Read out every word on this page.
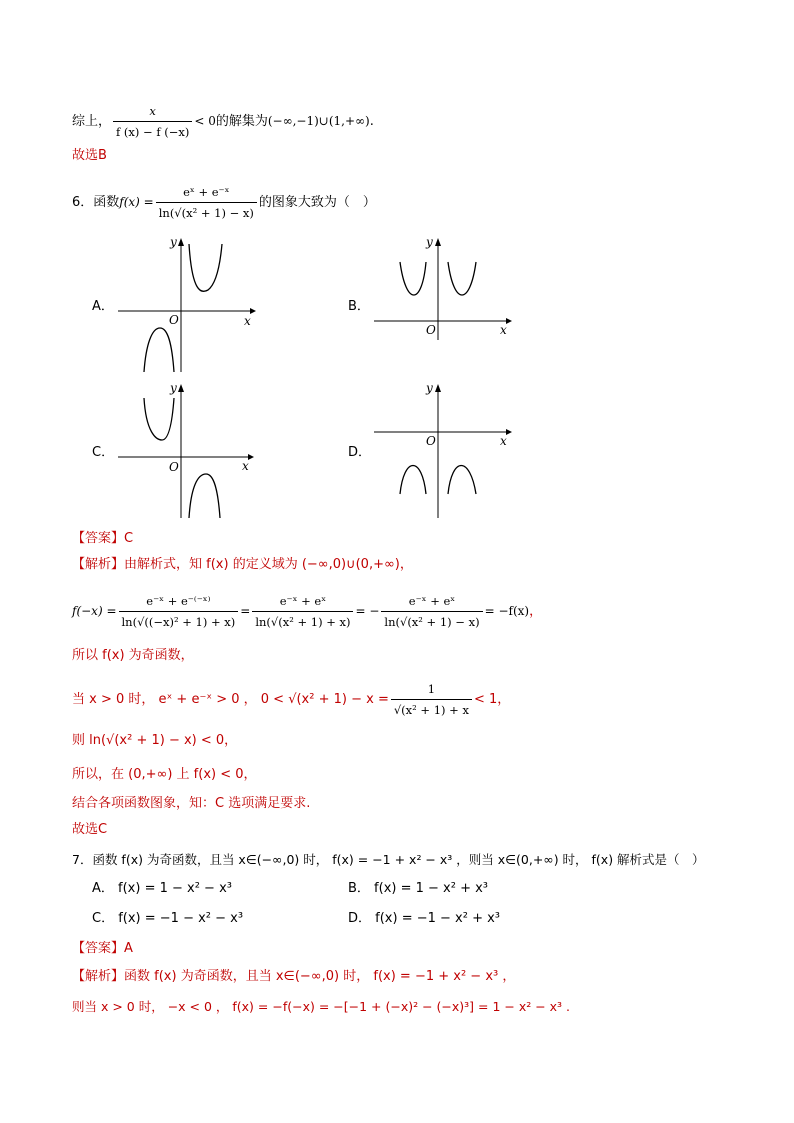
综上， $\frac{x}{f (x) - f (-x)} < 0$的解集为(−∞,−1)∪(1,+∞).
故选B
6．函数$f(x) = \frac{\text{eˣ + e⁻ˣ}}{\text{ln(√(x² + 1) − x)}}$ 的图象大致为（　）
A．	B．
C．	D．
y
x
O
y
x
O
y
x
O
y
x
O
【答案】C
【解析】由解析式，知 f(x) 的定义域为 (−∞,0)∪(0,+∞)，
$f(-x) = \frac{\text{e⁻ˣ + e⁻⁽⁻ˣ⁾}}{\text{ln(√((−x)² + 1) + x)}} = \frac{\text{e⁻ˣ + eˣ}}{\text{ln(√(x² + 1) + x)}}$ = − $\frac{\text{e⁻ˣ + eˣ}}{\text{ln(√(x² + 1) − x)}} = -f(x)$，
所以 f(x) 为奇函数，
当 x > 0 时， eˣ + e⁻ˣ > 0 ， $0 < √(x^2 + 1) - x = \frac{1}{\text{√(x² + 1) + x}} < 1$，
则 ln(√(x² + 1) − x) < 0，
所以，在 (0,+∞) 上 f(x) < 0，
结合各项函数图象，知：C 选项满足要求.
故选C
7．函数 f(x) 为奇函数，且当 x∈(−∞,0) 时， f(x) = −1 + x² − x³ ，则当 x∈(0,+∞) 时， f(x) 解析式是（　）
A． f(x) = 1 − x² − x³	B． f(x) = 1 − x² + x³
C． f(x) = −1 − x² − x³	D． f(x) = −1 − x² + x³
【答案】A
【解析】函数 f(x) 为奇函数，且当 x∈(−∞,0) 时， f(x) = −1 + x² − x³ ，
则当 x > 0 时， −x < 0 ， f(x) = −f(−x) = −[−1 + (−x)² − (−x)³] = 1 − x² − x³ .
